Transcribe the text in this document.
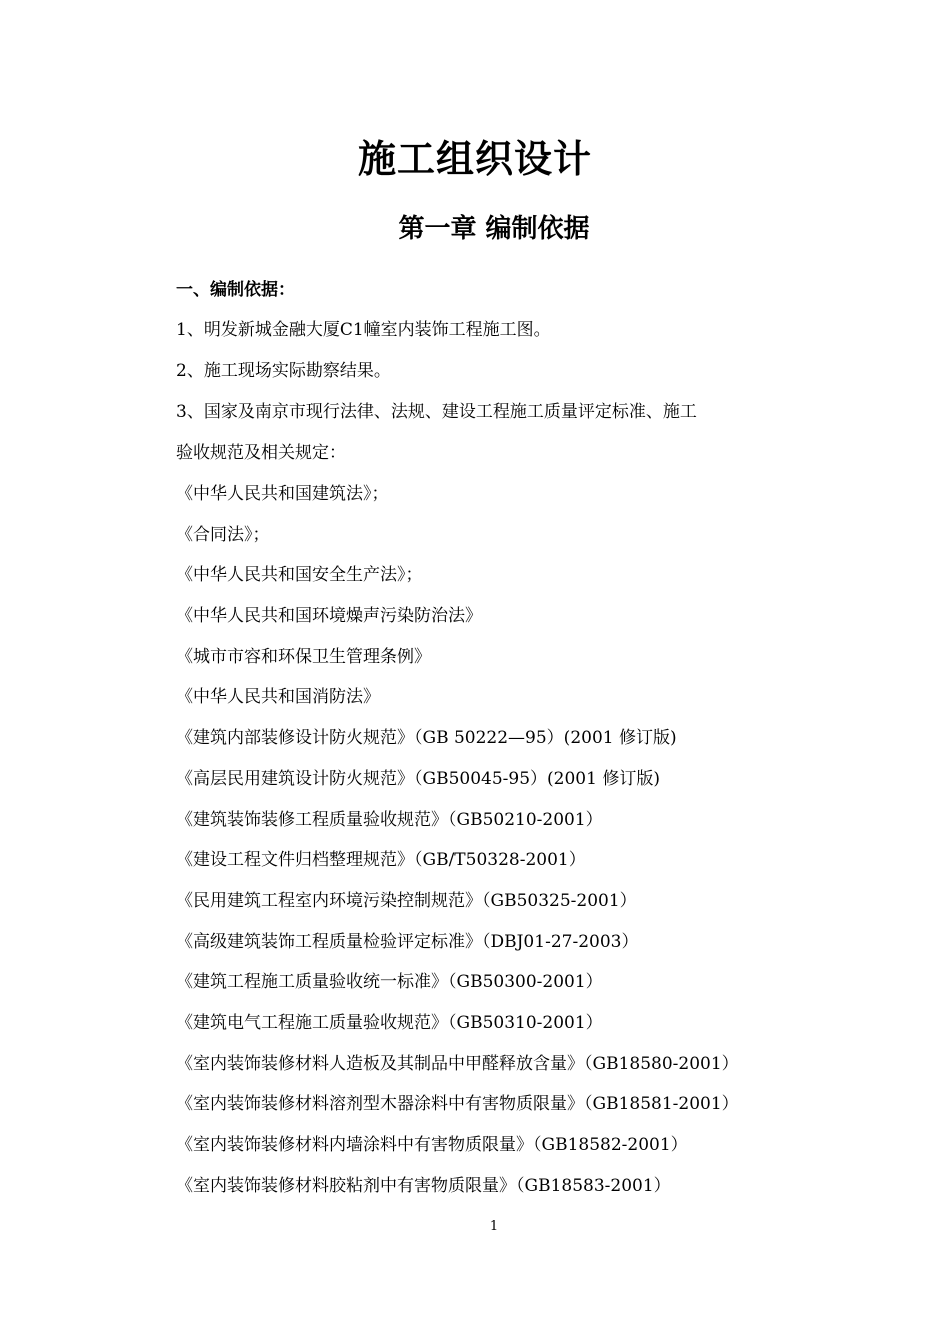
施工组织设计
第一章 编制依据
一、编制依据：
1、明发新城金融大厦C1幢室内装饰工程施工图。
2、施工现场实际勘察结果。
3、国家及南京市现行法律、法规、建设工程施工质量评定标准、施工
验收规范及相关规定：
《中华人民共和国建筑法》；
《合同法》；
《中华人民共和国安全生产法》；
《中华人民共和国环境燥声污染防治法》
《城市市容和环保卫生管理条例》
《中华人民共和国消防法》
《建筑内部装修设计防火规范》（GB 50222—95）(2001 修订版)
《高层民用建筑设计防火规范》（GB50045-95）(2001 修订版)
《建筑装饰装修工程质量验收规范》（GB50210-2001）
《建设工程文件归档整理规范》（GB/T50328-2001）
《民用建筑工程室内环境污染控制规范》（GB50325-2001）
《高级建筑装饰工程质量检验评定标准》（DBJ01-27-2003）
《建筑工程施工质量验收统一标准》（GB50300-2001）
《建筑电气工程施工质量验收规范》（GB50310-2001）
《室内装饰装修材料人造板及其制品中甲醛释放含量》（GB18580-2001）
《室内装饰装修材料溶剂型木器涂料中有害物质限量》（GB18581-2001）
《室内装饰装修材料内墙涂料中有害物质限量》（GB18582-2001）
《室内装饰装修材料胶粘剂中有害物质限量》（GB18583-2001）
1
